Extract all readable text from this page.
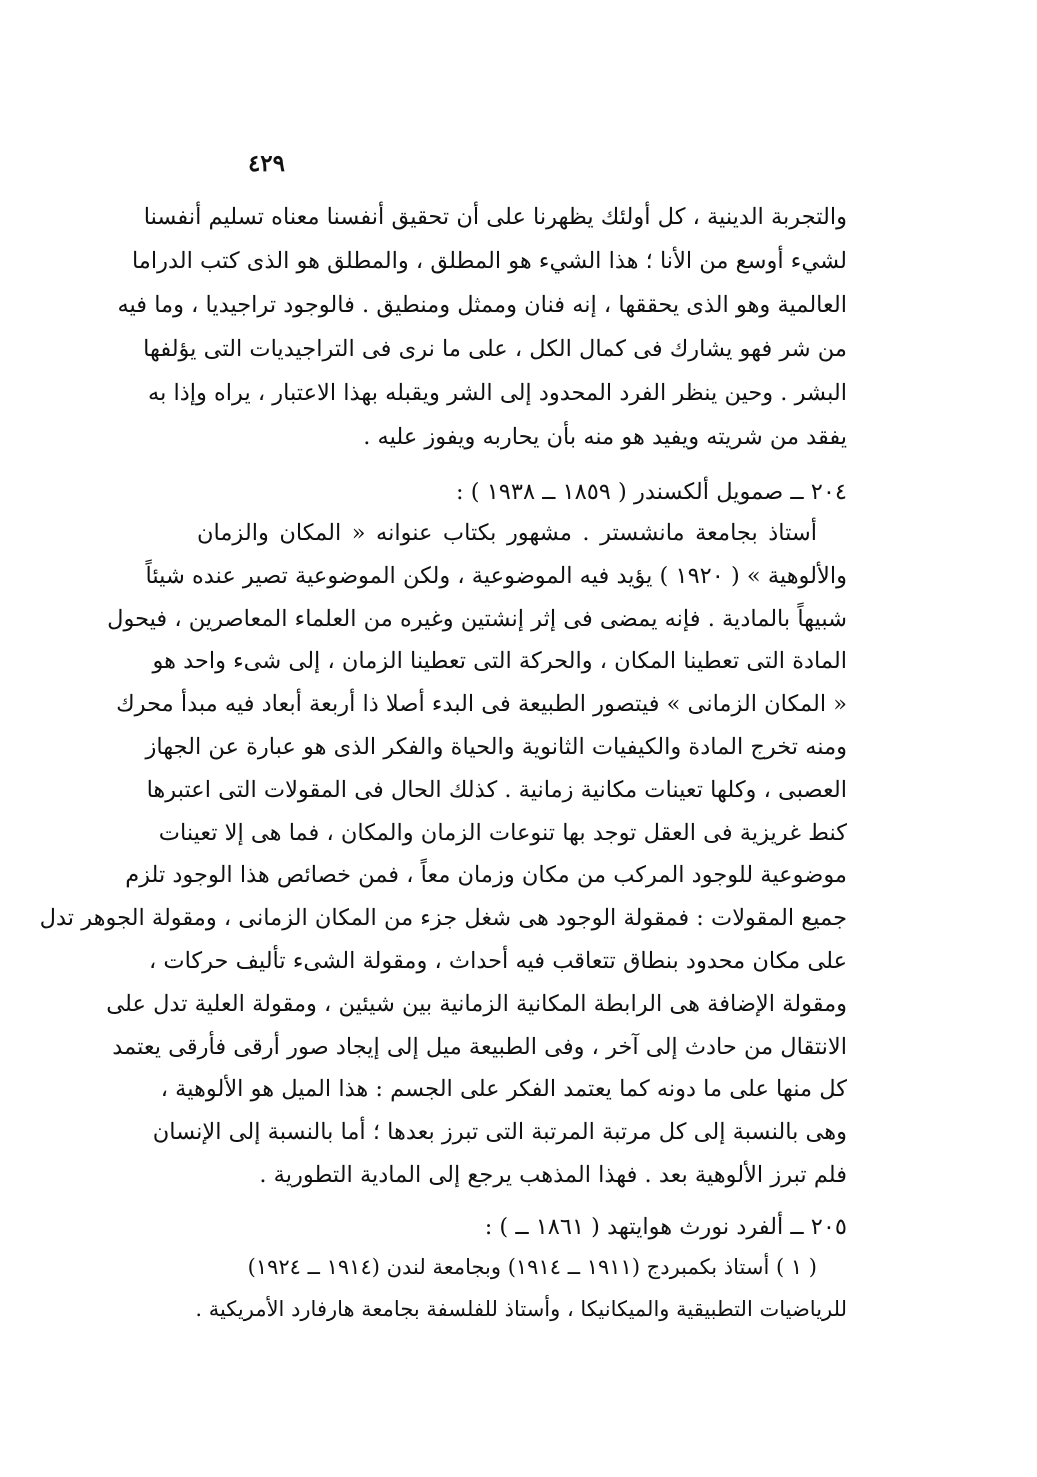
٤٢٩
والتجربة الدينية ، كل أولئك يظهرنا على أن تحقيق أنفسنا معناه تسليم أنفسنا
لشيء أوسع من الأنا ؛ هذا الشيء هو المطلق ، والمطلق هو الذى كتب الدراما
العالمية وهو الذى يحققها ، إنه فنان وممثل ومنطيق . فالوجود تراجيديا ، وما فيه
من شر فهو يشارك فى كمال الكل ، على ما نرى فى التراجيديات التى يؤلفها
البشر . وحين ينظر الفرد المحدود إلى الشر ويقبله بهذا الاعتبار ، يراه وإذا به
يفقد من شريته ويفيد هو منه بأن يحاربه ويفوز عليه .
٢٠٤ ــ صمويل ألكسندر ( ١٨٥٩ ــ ١٩٣٨ ) :
أستاذ بجامعة مانشستر . مشهور بكتاب عنوانه « المكان والزمان
والألوهية » ( ١٩٢٠ ) يؤيد فيه الموضوعية ، ولكن الموضوعية تصير عنده شيئاً
شبيهاً بالمادية . فإنه يمضى فى إثر إنشتين وغيره من العلماء المعاصرين ، فيحول
المادة التى تعطينا المكان ، والحركة التى تعطينا الزمان ، إلى شىء واحد هو
« المكان الزمانى » فيتصور الطبيعة فى البدء أصلا ذا أربعة أبعاد فيه مبدأ محرك
ومنه تخرج المادة والكيفيات الثانوية والحياة والفكر الذى هو عبارة عن الجهاز
العصبى ، وكلها تعينات مكانية زمانية . كذلك الحال فى المقولات التى اعتبرها
كنط غريزية فى العقل توجد بها تنوعات الزمان والمكان ، فما هى إلا تعينات
موضوعية للوجود المركب من مكان وزمان معاً ، فمن خصائص هذا الوجود تلزم
جميع المقولات : فمقولة الوجود هى شغل جزء من المكان الزمانى ، ومقولة الجوهر تدل
على مكان محدود بنطاق تتعاقب فيه أحداث ، ومقولة الشىء تأليف حركات ،
ومقولة الإضافة هى الرابطة المكانية الزمانية بين شيئين ، ومقولة العلية تدل على
الانتقال من حادث إلى آخر ، وفى الطبيعة ميل إلى إيجاد صور أرقى فأرقى يعتمد
كل منها على ما دونه كما يعتمد الفكر على الجسم : هذا الميل هو الألوهية ،
وهى بالنسبة إلى كل مرتبة المرتبة التى تبرز بعدها ؛ أما بالنسبة إلى الإنسان
فلم تبرز الألوهية بعد . فهذا المذهب يرجع إلى المادية التطورية .
٢٠٥ ــ ألفرد نورث هوايتهد ( ١٨٦١ ــ ) :
( ١ ) أستاذ بكمبردج (١٩١١ ــ ١٩١٤) وبجامعة لندن (١٩١٤ ــ ١٩٢٤)
للرياضيات التطبيقية والميكانيكا ، وأستاذ للفلسفة بجامعة هارفارد الأمريكية .
